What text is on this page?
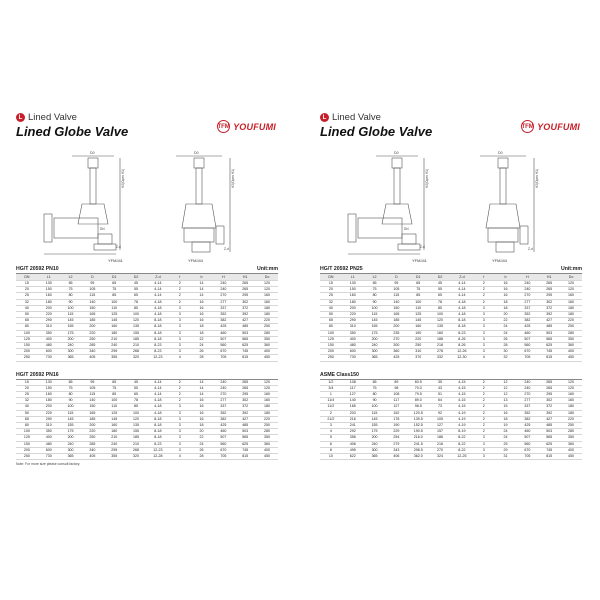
L Lined Valve
Lined Globe Valve	TFM YOUFUMI
D0	D0
H2(Open H1)	H2(Open H1)
DN
Z-d	Z-d
YFMJ41	YFMJ44
HG/T 20592 PN10	Unit:mm
DN	L1	L2	D	D1	D2	Z-d	f	b	H	H1	Do
15	130	65	95	65	45	4-14	2	14	240	265	120
20	150	75	105	75	55	4-14	2	14	240	265	120
25	160	80	115	85	65	4-14	2	14	270	295	160
32	180	90	140	100	78	4-18	2	16	277	302	160
40	200	100	150	110	85	4-18	3	16	337	372	180
50	220	115	165	125	100	4-18	3	16	352	392	180
65	290	145	185	145	120	8-18	3	16	382	427	220
80	310	155	200	160	135	8-18	3	18	425	485	250
100	350	175	220	180	155	8-18	3	18	460	503	280
125	400	200	250	210	185	8-18	3	22	507	565	350
150	480	240	285	240	210	8-23	3	24	560	625	360
200	600	300	340	295	268	8-23	3	26	670	745	400
250	730	365	405	355	320	12-23	4	28	705	815	450
HG/T 20592 PN16
15	130	65	95	65	45	4-14	2	14	240	265	120
20	150	75	105	75	55	4-14	2	14	240	265	120
25	160	80	115	85	65	4-14	2	14	270	295	160
32	180	90	140	100	78	4-18	2	16	277	302	160
40	200	100	150	110	85	4-18	3	16	337	372	180
50	220	115	165	125	100	4-18	3	16	352	392	180
65	290	145	185	145	120	8-18	3	16	382	427	220
80	310	155	200	160	135	8-18	3	18	425	485	250
100	350	175	220	180	155	8-18	3	20	460	503	280
125	400	200	250	210	185	8-18	3	22	507	565	350
150	480	240	285	240	210	8-23	3	24	560	625	360
200	600	300	340	295	268	12-23	3	26	670	745	400
250	730	365	405	355	320	12-28	4	28	705	815	450
Note: For more size please consult factory.
L Lined Valve
Lined Globe Valve	TFM YOUFUMI
D0	D0
H2(Open H1)	H2(Open H1)
DN
Z-d	Z-d
YFMJ41	YFMJ44
HG/T 20592 PN25	Unit:mm
DN	L1	L2	D	D1	D2	Z-d	f	b	H	H1	Do
15	130	65	95	65	45	4-14	2	16	240	265	120
20	150	75	105	75	55	4-14	2	16	240	265	120
25	160	80	115	85	65	4-14	2	16	270	295	160
32	180	90	140	100	78	4-18	2	18	277	302	160
40	200	100	150	110	85	4-18	3	18	337	372	180
50	220	115	165	125	100	4-18	3	20	352	392	180
65	290	145	185	145	120	8-18	3	22	382	427	220
80	310	155	200	160	135	8-18	3	24	425	485	250
100	350	175	235	190	160	8-23	3	24	460	503	280
125	400	200	270	220	188	8-26	3	26	507	565	350
150	480	240	300	250	218	8-26	3	28	560	625	360
200	600	300	360	310	278	12-26	3	30	670	745	400
250	730	365	425	370	332	12-30	4	32	705	815	450
ASME Class150
1/2	108	65	89	60.5	35	4-15	2	12	240	265	120
3/4	117	75	98	70.0	43	4-15	2	12	240	265	120
1	127	80	108	79.5	51	4-15	2	12	270	295	160
11/4	140	90	117	89.0	64	4-15	2	13	277	302	160
11/2	165	100	127	98.5	73	4-15	2	15	337	372	180
2	203	115	152	120.5	92	4-19	2	16	352	392	180
21/2	216	145	178	139.5	105	4-19	2	18	382	427	220
3	241	155	190	152.5	127	4-19	2	19	425	485	250
4	292	175	229	190.5	157	8-19	2	24	460	503	280
5	356	200	254	216.0	186	8-22	3	24	507	565	350
6	406	240	279	241.5	216	8-22	3	25	560	625	360
8	495	300	343	298.5	270	8-22	3	29	670	745	400
10	622	365	406	362.0	324	12-25	3	31	705	815	450
